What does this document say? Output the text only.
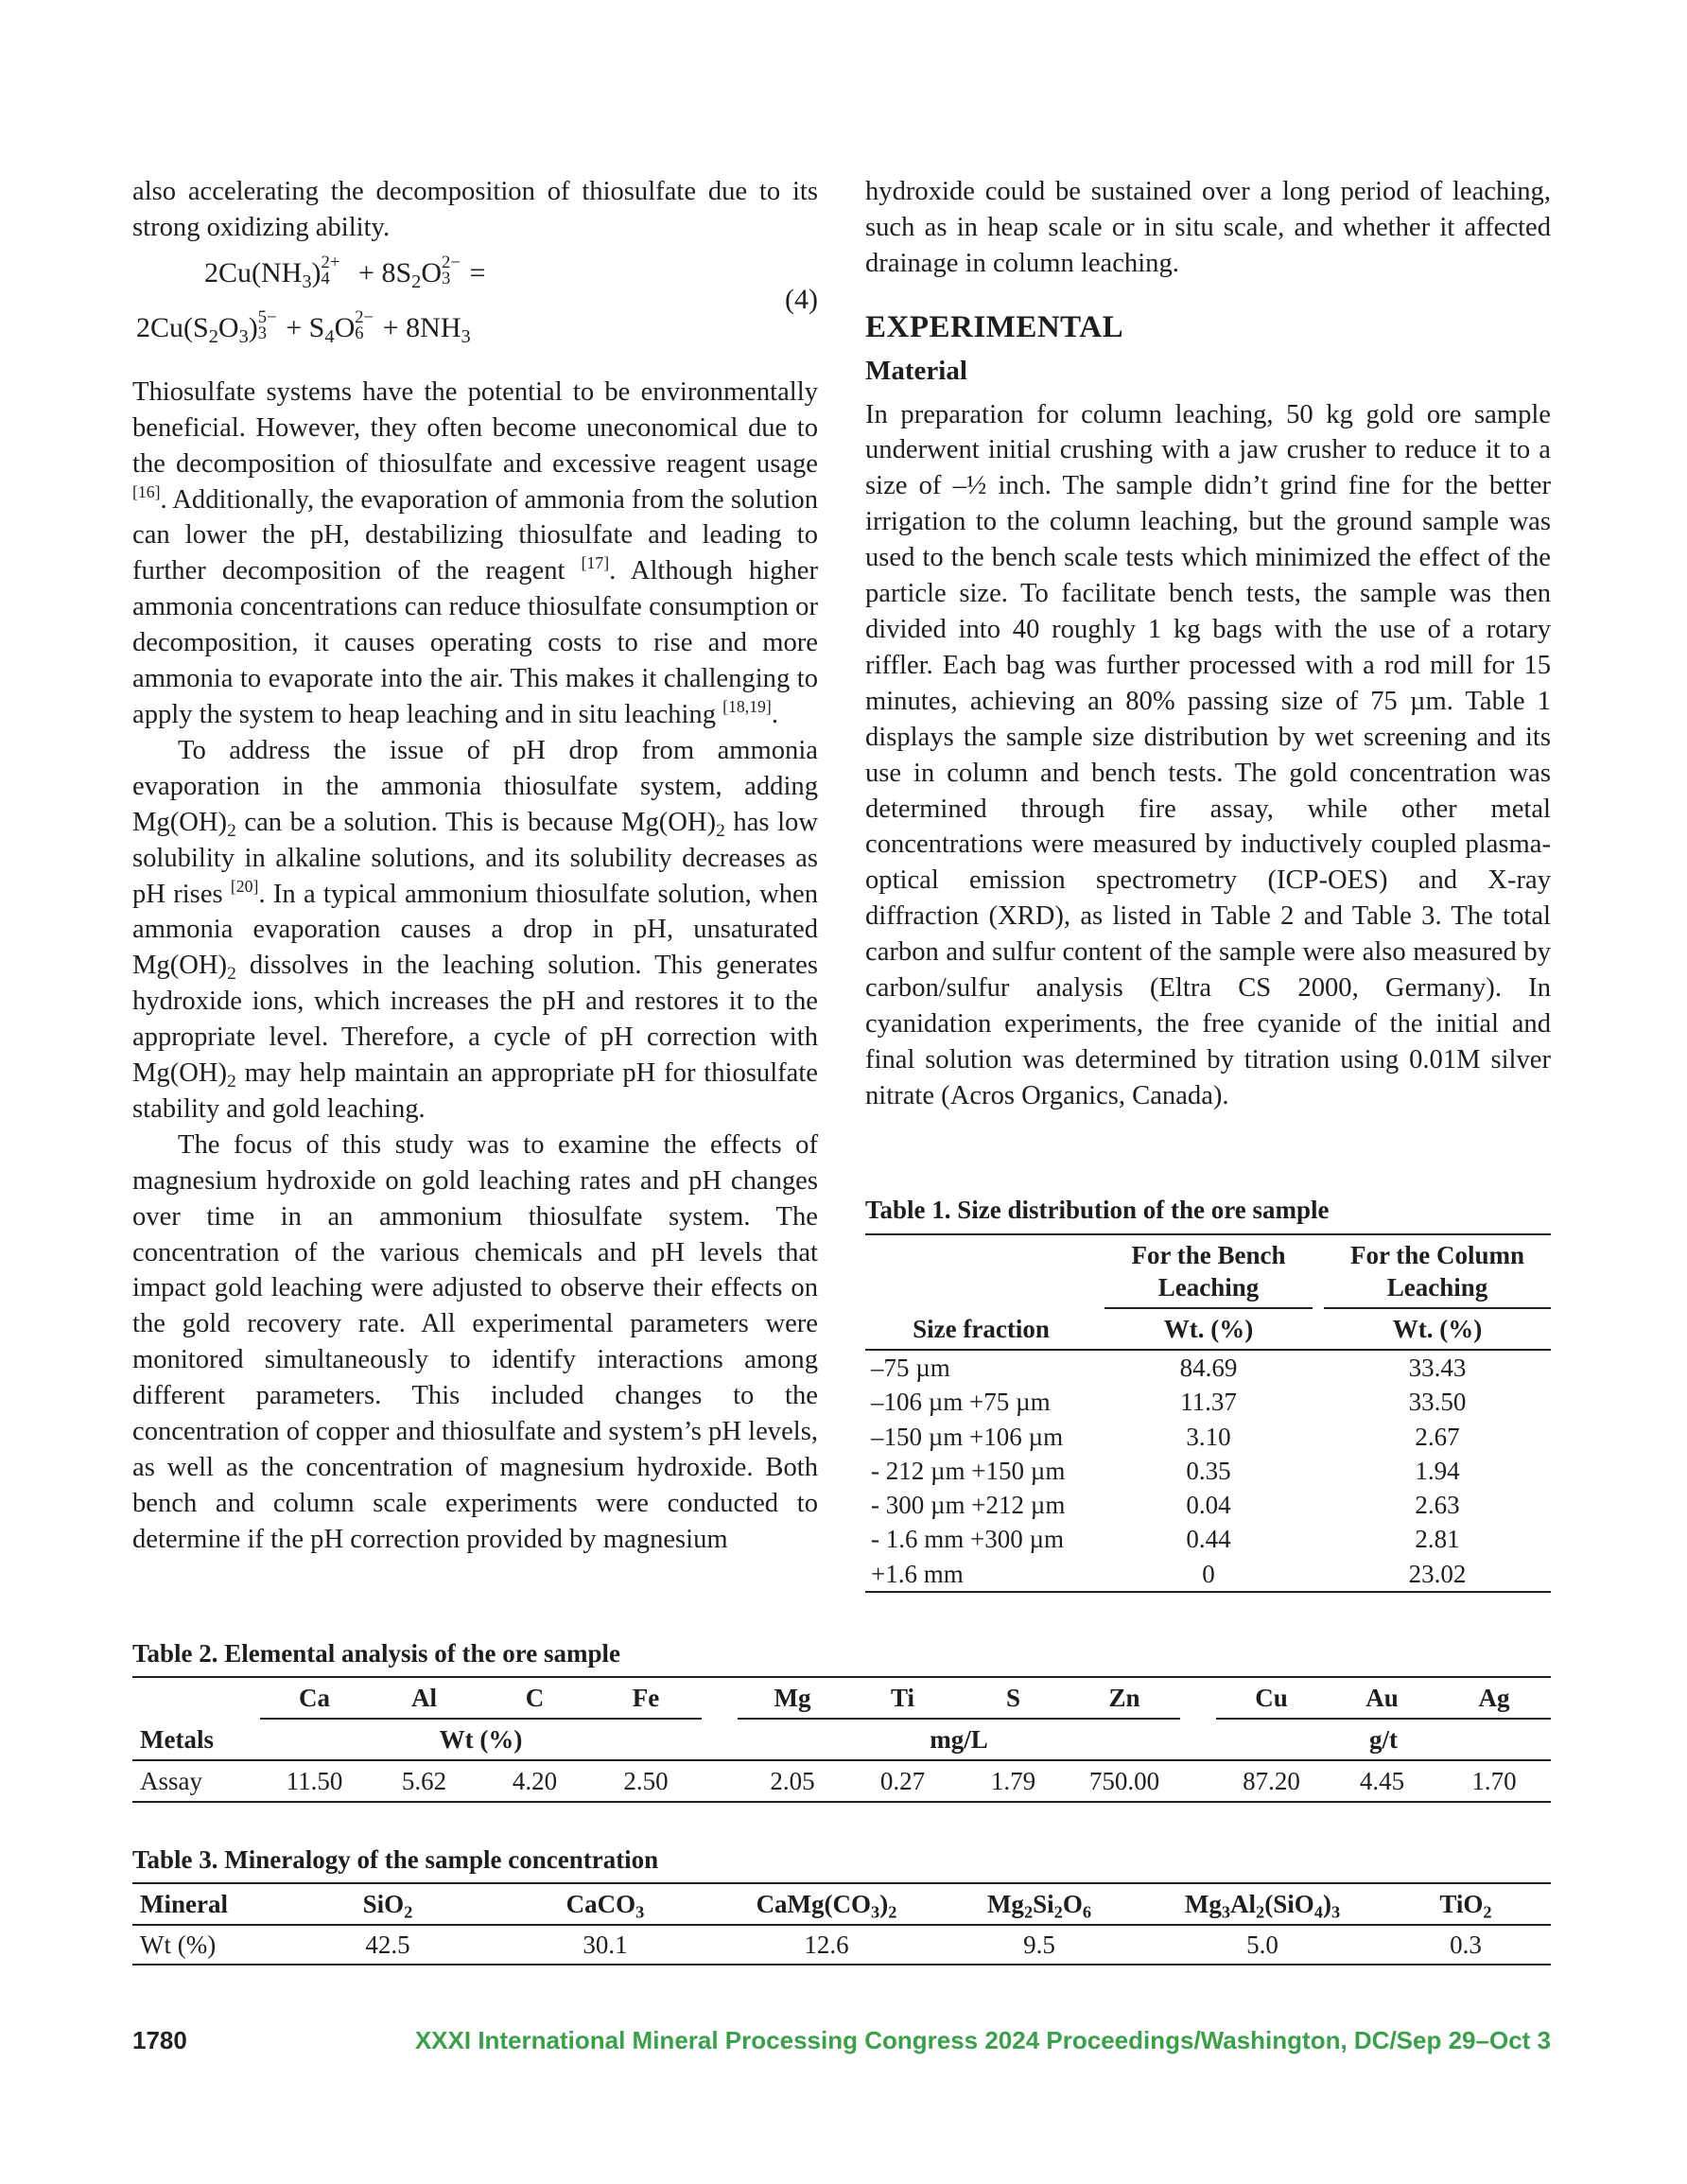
also accelerating the decomposition of thiosulfate due to its strong oxidizing ability.

$2Cu(NH_3)$ 2+
$4 + 8S_2O$ 2−
3 =
$2Cu(S_2O_3)$ 5−
$3 + S_4O$ 2−
$6 + 8NH_3$
(4)

Thiosulfate systems have the potential to be environmentally beneficial. However, they often become uneconomical due to the decomposition of thiosulfate and excessive reagent usage [16]. Additionally, the evaporation of ammonia from the solution can lower the pH, destabilizing thiosulfate and leading to further decomposition of the reagent [17]. Although higher ammonia concentrations can reduce thiosulfate consumption or decomposition, it causes operating costs to rise and more ammonia to evaporate into the air. This makes it challenging to apply the system to heap leaching and in situ leaching [18,19].

To address the issue of pH drop from ammonia evaporation in the ammonia thiosulfate system, adding $Mg(OH)_2$ can be a solution. This is because $Mg(OH)_2$ has low solubility in alkaline solutions, and its solubility decreases as pH rises [20]. In a typical ammonium thiosulfate solution, when ammonia evaporation causes a drop in pH, unsaturated $Mg(OH)_2$ dissolves in the leaching solution. This generates hydroxide ions, which increases the pH and restores it to the appropriate level. Therefore, a cycle of pH correction with $Mg(OH)_2$ may help maintain an appropriate pH for thiosulfate stability and gold leaching.

The focus of this study was to examine the effects of magnesium hydroxide on gold leaching rates and pH changes over time in an ammonium thiosulfate system. The concentration of the various chemicals and pH levels that impact gold leaching were adjusted to observe their effects on the gold recovery rate. All experimental parameters were monitored simultaneously to identify interactions among different parameters. This included changes to the concentration of copper and thiosulfate and system’s pH levels, as well as the concentration of magnesium hydroxide. Both bench and column scale experiments were conducted to determine if the pH correction provided by magnesium

hydroxide could be sustained over a long period of leaching, such as in heap scale or in situ scale, and whether it affected drainage in column leaching.

EXPERIMENTAL
Material

In preparation for column leaching, 50 kg gold ore sample underwent initial crushing with a jaw crusher to reduce it to a size of –½ inch. The sample didn’t grind fine for the better irrigation to the column leaching, but the ground sample was used to the bench scale tests which minimized the effect of the particle size. To facilitate bench tests, the sample was then divided into 40 roughly 1 kg bags with the use of a rotary riffler. Each bag was further processed with a rod mill for 15 minutes, achieving an 80% passing size of 75 µm. Table 1 displays the sample size distribution by wet screening and its use in column and bench tests. The gold concentration was determined through fire assay, while other metal concentrations were measured by inductively coupled plasma-optical emission spectrometry (ICP-OES) and X-ray diffraction (XRD), as listed in Table 2 and Table 3. The total carbon and sulfur content of the sample were also measured by carbon/sulfur analysis (Eltra CS 2000, Germany). In cyanidation experiments, the free cyanide of the initial and final solution was determined by titration using 0.01M silver nitrate (Acros Organics, Canada).

Table 1. Size distribution of the ore sample
		For the Bench Leaching		For the Column Leaching
Size fraction		Wt. (%)		Wt. (%)
–75 µm		84.69		33.43
–106 µm +75 µm		11.37		33.50
–150 µm +106 µm		3.10		2.67
- 212 µm +150 µm		0.35		1.94
- 300 µm +212 µm		0.04		2.63
- 1.6 mm +300 µm		0.44		2.81
+1.6 mm		0		23.02
Table 2. Elemental analysis of the ore sample
	Ca	Al	C	Fe		Mg	Ti	S	Zn		Cu	Au	Ag
Metals	Wt (%)					mg/L					g/t		
Assay	11.50	5.62	4.20	2.50		2.05	0.27	1.79	750.00		87.20	4.45	1.70
Table 3. Mineralogy of the sample concentration
Mineral	SiO$_2$	CaCO$_3$	$CaMg(CO_3)_2$	$Mg_2Si_2O_6$	$Mg_3Al_2(SiO_4)_3$	TiO$_2$
Wt (%)	42.5	30.1	12.6	9.5	5.0	0.3
1780	XXXI International Mineral Processing Congress 2024 Proceedings/Washington, DC/Sep 29–Oct 3
